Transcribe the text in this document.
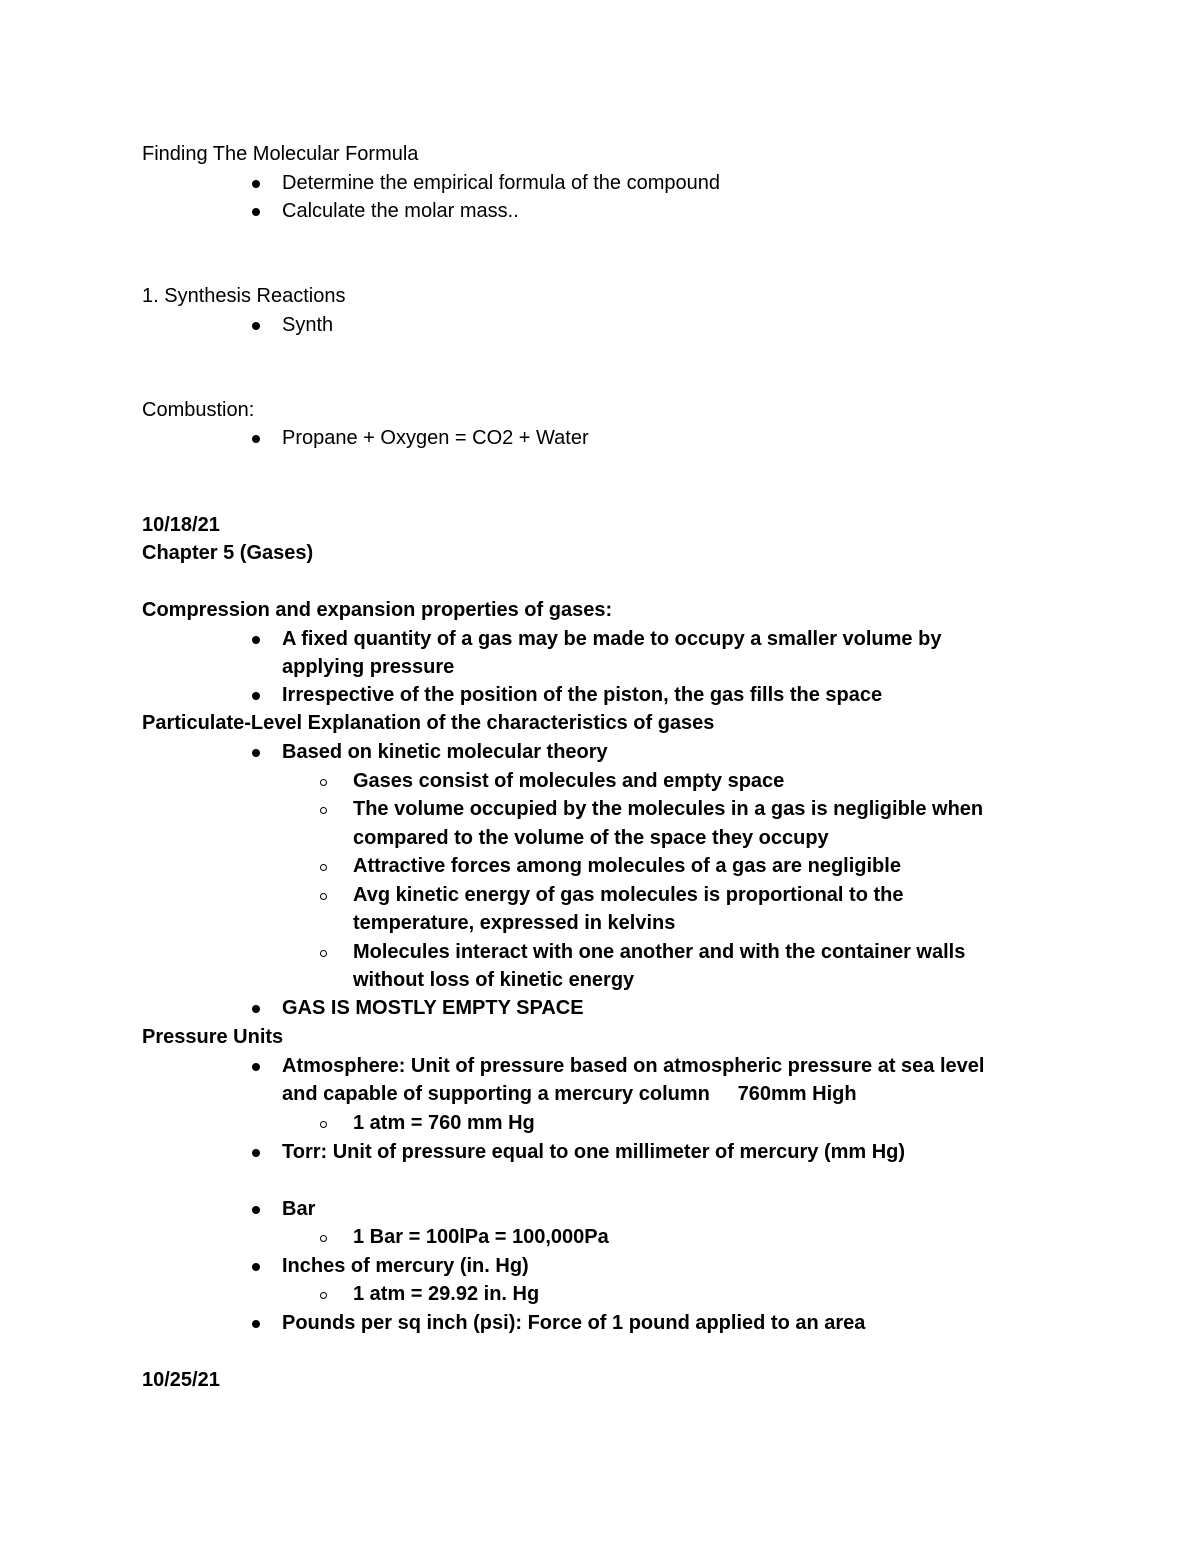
Finding The Molecular Formula
Determine the empirical formula of the compound
Calculate the molar mass..
1. Synthesis Reactions
Synth
Combustion:
Propane + Oxygen = CO2 + Water
10/18/21
Chapter 5 (Gases)
Compression and expansion properties of gases:
A fixed quantity of a gas may be made to occupy a smaller volume by
applying pressure
Irrespective of the position of the piston, the gas fills the space
Particulate-Level Explanation of the characteristics of gases
Based on kinetic molecular theory
Gases consist of molecules and empty space
The volume occupied by the molecules in a gas is negligible when
compared to the volume of the space they occupy
Attractive forces among molecules of a gas are negligible
Avg kinetic energy of gas molecules is proportional to the
temperature, expressed in kelvins
Molecules interact with one another and with the container walls
without loss of kinetic energy
GAS IS MOSTLY EMPTY SPACE
Pressure Units
Atmosphere: Unit of pressure based on atmospheric pressure at sea level
and capable of supporting a mercury column     760mm High
1 atm = 760 mm Hg
Torr: Unit of pressure equal to one millimeter of mercury (mm Hg)
Bar
1 Bar = 100lPa = 100,000Pa
Inches of mercury (in. Hg)
1 atm = 29.92 in. Hg
Pounds per sq inch (psi): Force of 1 pound applied to an area
10/25/21
